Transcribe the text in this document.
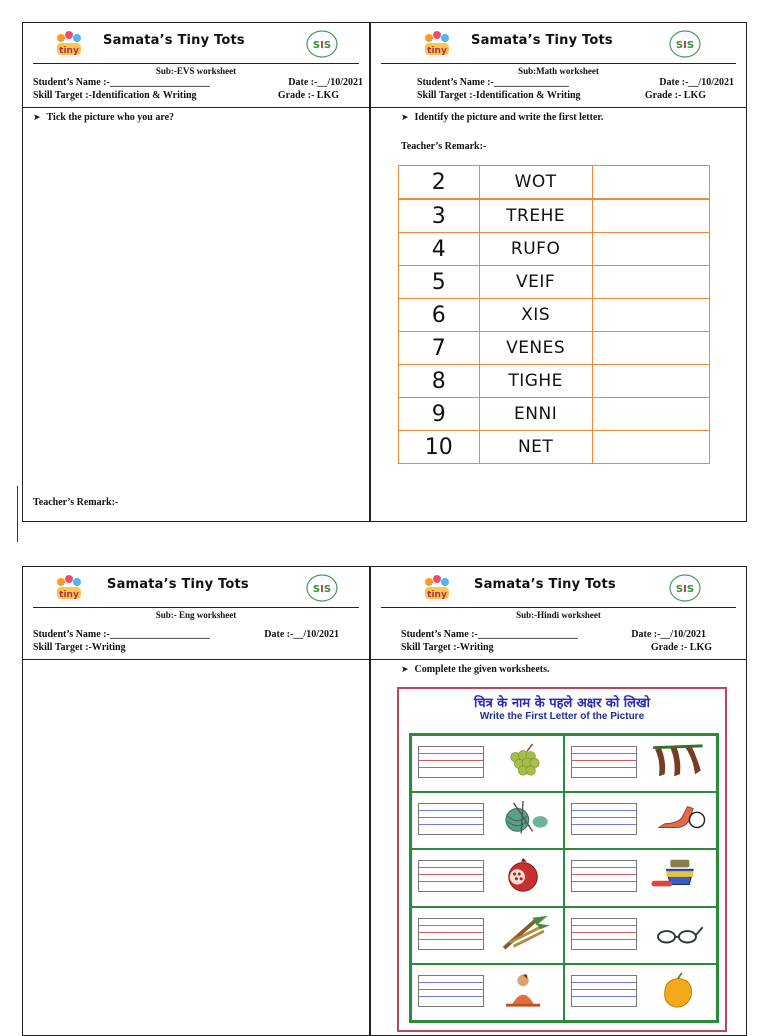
tiny
Samata’s Tiny Tots	SIS
Sub:-EVS worksheet
Student’s Name :-____________________	Date :-__/10/2021
Skill Target :-Identification & Writing	Grade :- LKG
➤ Tick the picture who you are?
Teacher’s Remark:-
tiny
Samata’s Tiny Tots	SIS
Sub:Math worksheet
Student’s Name :-_______________	Date :-__/10/2021
Skill Target :-Identification & Writing	Grade :- LKG
➤ Identify the picture and write the first letter.
Teacher’s Remark:-
2	WOT	
3	TREHE	
4	RUFO	
5	VEIF	
6	XIS	
7	VENES	
8	TIGHE	
9	ENNI	
10	NET	
tiny
Samata’s Tiny Tots	SIS
Sub:- Eng worksheet
Student’s Name :-____________________	Date :-__/10/2021
Skill Target :-Writing
tiny
Samata’s Tiny Tots	SIS
Sub:-Hindi worksheet
Student’s Name :-____________________	Date :-__/10/2021
Skill Target :-Writing	Grade :- LKG
➤ Complete the given worksheets.
चित्र के नाम के पहले अक्षर को लिखो
Write the First Letter of the Picture
